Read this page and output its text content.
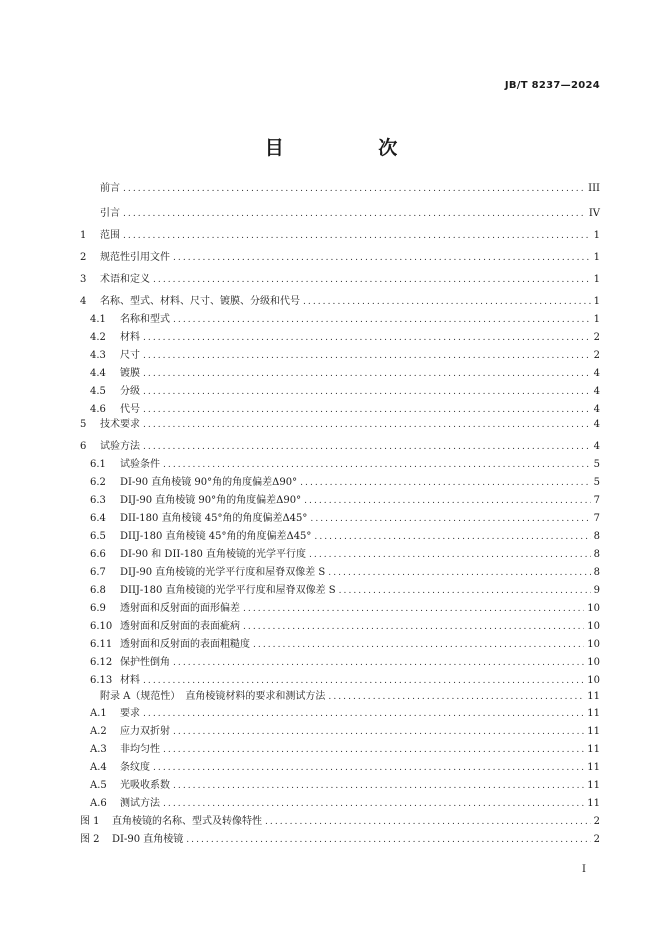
JB/T 8237—2024
目 次
前言 . . .	III
引言 . . .	IV
1	范围 . . .	1
2	规范性引用文件 . . .	1
3	术语和定义 . . .	1
4	名称、型式、材料、尺寸、镀膜、分级和代号 . . .	1
4.1	名称和型式 . . .	1
4.2	材料 . . .	2
4.3	尺寸 . . .	2
4.4	镀膜 . . .	4
4.5	分级 . . .	4
4.6	代号 . . .	4
5	技术要求 . . .	4
6	试验方法 . . .	4
6.1	试验条件 . . .	5
6.2	DI-90 直角棱镜 90°角的角度偏差Δ90° . . .	5
6.3	DⅠJ-90 直角棱镜 90°角的角度偏差Δ90° . . .	7
6.4	DII-180 直角棱镜 45°角的角度偏差Δ45° . . .	7
6.5	DIIJ-180 直角棱镜 45°角的角度偏差Δ45° . . .	8
6.6	DI-90 和 DII-180 直角棱镜的光学平行度 . . .	8
6.7	DIJ-90 直角棱镜的光学平行度和屋脊双像差 S . . .	8
6.8	DIIJ-180 直角棱镜的光学平行度和屋脊双像差 S . . .	9
6.9	透射面和反射面的面形偏差 . . .	10
6.10 透射面和反射面的表面疵病 . . .	10
6.11 透射面和反射面的表面粗糙度 . . .	10
6.12 保护性倒角 . . .	10
6.13 材料 . . .	10
附录 A（规范性）　直角棱镜材料的要求和测试方法 . . .	11
A.1	要求 . . .	11
A.2	应力双折射 . . .	11
A.3	非均匀性 . . .	11
A.4	条纹度 . . .	11
A.5	光吸收系数 . . .	11
A.6	测试方法 . . .	11
图 1	直角棱镜的名称、型式及转像特性 . . .	2
图 2	DI-90 直角棱镜 . . .	2
I
